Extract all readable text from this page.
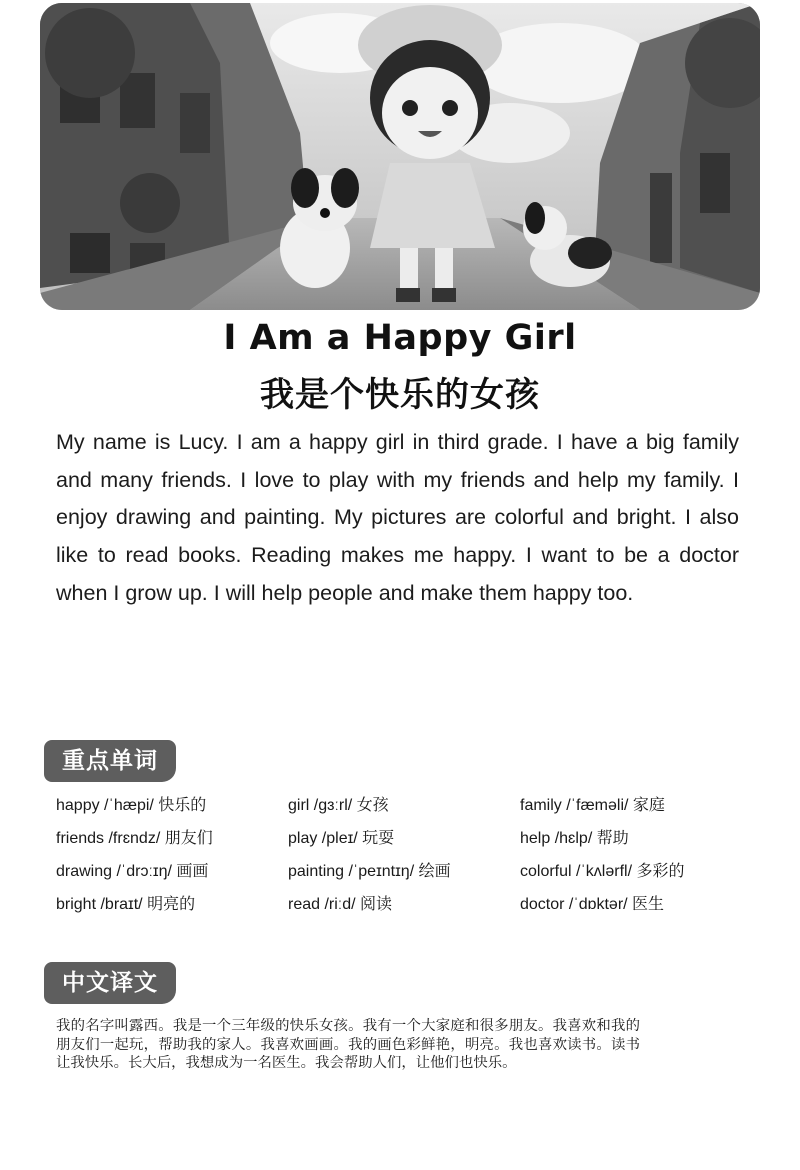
I Am a Happy Girl
我是个快乐的女孩
My name is Lucy. I am a happy girl in third grade. I have a big family and many friends. I love to play with my friends and help my family. I enjoy drawing and painting. My pictures are colorful and bright. I also like to read books. Reading makes me happy. I want to be a doctor when I grow up. I will help people and make them happy too.
重点单词
happy /ˈhæpi/ 快乐的	girl /ɡɜːrl/ 女孩	family /ˈfæməli/ 家庭
friends /frɛndz/ 朋友们	play /pleɪ/ 玩耍	help /hɛlp/ 帮助
drawing /ˈdrɔːɪŋ/ 画画	painting /ˈpeɪntɪŋ/ 绘画	colorful /ˈkʌlərfl/ 多彩的
bright /braɪt/ 明亮的	read /riːd/ 阅读	doctor /ˈdɒktər/ 医生
中文译文
我的名字叫露西。我是一个三年级的快乐女孩。我有一个大家庭和很多朋友。我喜欢和我的朋友们一起玩，帮助我的家人。我喜欢画画。我的画色彩鲜艳，明亮。我也喜欢读书。读书让我快乐。长大后，我想成为一名医生。我会帮助人们，让他们也快乐。
